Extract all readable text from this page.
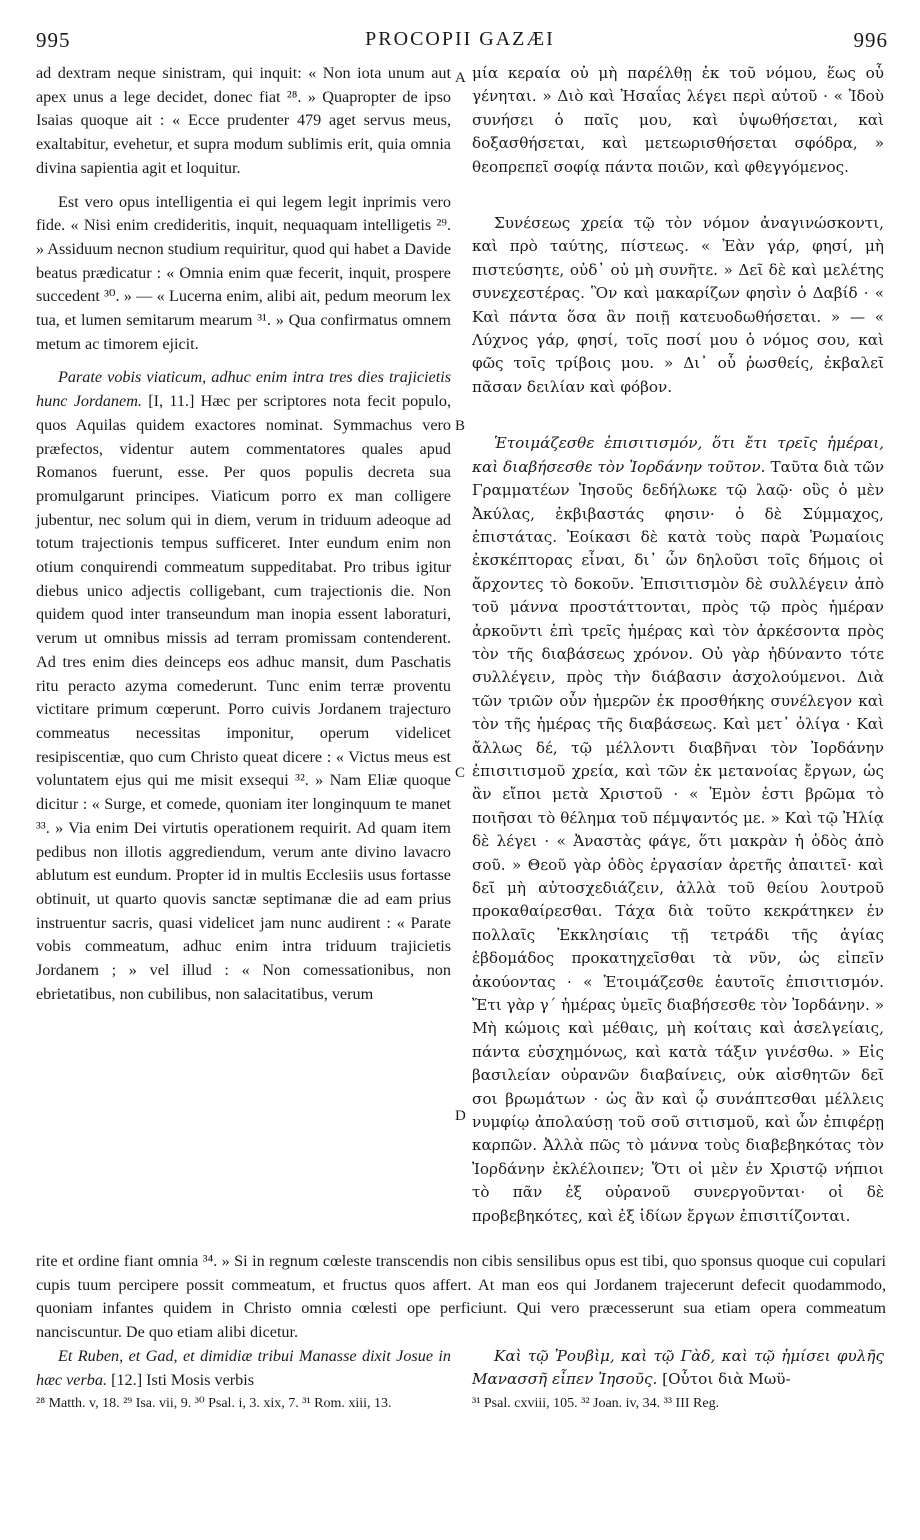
995	PROCOPII GAZÆI	996
A
B
C
D

ad dextram neque sinistram, qui inquit: « Non iota unum aut apex unus a lege decidet, donec fiat ²⁸. » Quapropter de ipso Isaias quoque ait : « Ecce prudenter 479 aget servus meus, exaltabitur, evehetur, et supra modum sublimis erit, quia omnia divina sapientia agit et loquitur.

Est vero opus intelligentia ei qui legem legit inprimis vero fide. « Nisi enim credideritis, inquit, nequaquam intelligetis ²⁹. » Assiduum necnon studium requiritur, quod qui habet a Davide beatus prædicatur : « Omnia enim quæ fecerit, inquit, prospere succedent ³⁰. » — « Lucerna enim, alibi ait, pedum meorum lex tua, et lumen semitarum mearum ³¹. » Qua confirmatus omnem metum ac timorem ejicit.

Parate vobis viaticum, adhuc enim intra tres dies trajicietis hunc Jordanem. [I, 11.] Hæc per scriptores nota fecit populo, quos Aquilas quidem exactores nominat. Symmachus vero præfectos, videntur autem commentatores quales apud Romanos fuerunt, esse. Per quos populis decreta sua promulgarunt principes. Viaticum porro ex man colligere jubentur, nec solum qui in diem, verum in triduum adeoque ad totum trajectionis tempus sufficeret. Inter eundum enim non otium conquirendi commeatum suppeditabat. Pro tribus igitur diebus unico adjectis colligebant, cum trajectionis die. Non quidem quod inter transeundum man inopia essent laboraturi, verum ut omnibus missis ad terram promissam contenderent. Ad tres enim dies deinceps eos adhuc mansit, dum Paschatis ritu peracto azyma comederunt. Tunc enim terræ proventu victitare primum cœperunt. Porro cuivis Jordanem trajecturo commeatus necessitas imponitur, operum videlicet resipiscentiæ, quo cum Christo queat dicere : « Victus meus est voluntatem ejus qui me misit exsequi ³². » Nam Eliæ quoque dicitur : « Surge, et comede, quoniam iter longinquum te manet ³³. » Via enim Dei virtutis operationem requirit. Ad quam item pedibus non illotis aggrediendum, verum ante divino lavacro ablutum est eundum. Propter id in multis Ecclesiis usus fortasse obtinuit, ut quarto quovis sanctæ septimanæ die ad eam prius instruentur sacris, quasi videlicet jam nunc audirent : « Parate vobis commeatum, adhuc enim intra triduum trajicietis Jordanem ; » vel illud : « Non comessationibus, non ebrietatibus, non cubilibus, non salacitatibus, verum

μία κεραία οὐ μὴ παρέλθῃ ἐκ τοῦ νόμου, ἕως οὗ γένηται. » Διὸ καὶ Ἠσαΐας λέγει περὶ αὐτοῦ · « Ἰδοὺ συνήσει ὁ παῖς μου, καὶ ὑψωθήσεται, καὶ δοξασθήσεται, καὶ μετεωρισθήσεται σφόδρα, » θεοπρεπεῖ σοφίᾳ πάντα ποιῶν, καὶ φθεγγόμενος.

Συνέσεως χρεία τῷ τὸν νόμον ἀναγινώσκοντι, καὶ πρὸ ταύτης, πίστεως. « Ἐὰν γάρ, φησί, μὴ πιστεύσητε, οὐδ᾽ οὐ μὴ συνῆτε. » Δεῖ δὲ καὶ μελέτης συνεχεστέρας. Ὃν καὶ μακαρίζων φησὶν ὁ Δαβίδ · « Καὶ πάντα ὅσα ἂν ποιῇ κατευοδωθήσεται. » — « Λύχνος γάρ, φησί, τοῖς ποσί μου ὁ νόμος σου, καὶ φῶς τοῖς τρίβοις μου. » Δι᾽ οὗ ῥωσθείς, ἐκβαλεῖ πᾶσαν δειλίαν καὶ φόβον.

Ἑτοιμάζεσθε ἐπισιτισμόν, ὅτι ἔτι τρεῖς ἡμέραι, καὶ διαβήσεσθε τὸν Ἰορδάνην τοῦτον. Ταῦτα διὰ τῶν Γραμματέων Ἰησοῦς δεδήλωκε τῷ λαῷ· οὓς ὁ μὲν Ἀκύλας, ἐκβιβαστάς φησιν· ὁ δὲ Σύμμαχος, ἐπιστάτας. Ἐοίκασι δὲ κατὰ τοὺς παρὰ Ῥωμαίοις ἐκσκέπτορας εἶναι, δι᾽ ὧν δηλοῦσι τοῖς δήμοις οἱ ἄρχοντες τὸ δοκοῦν. Ἐπισιτισμὸν δὲ συλλέγειν ἀπὸ τοῦ μάννα προστάττονται, πρὸς τῷ πρὸς ἡμέραν ἀρκοῦντι ἐπὶ τρεῖς ἡμέρας καὶ τὸν ἀρκέσοντα πρὸς τὸν τῆς διαβάσεως χρόνον. Οὐ γὰρ ἠδύναντο τότε συλλέγειν, πρὸς τὴν διάβασιν ἀσχολούμενοι. Διὰ τῶν τριῶν οὖν ἡμερῶν ἐκ προσθήκης συνέλεγον καὶ τὸν τῆς ἡμέρας τῆς διαβάσεως. Καὶ μετ᾽ ὀλίγα · Καὶ ἄλλως δέ, τῷ μέλλοντι διαβῆναι τὸν Ἰορδάνην ἐπισιτισμοῦ χρεία, καὶ τῶν ἐκ μετανοίας ἔργων, ὡς ἂν εἴποι μετὰ Χριστοῦ · « Ἐμὸν ἐστι βρῶμα τὸ ποιῆσαι τὸ θέλημα τοῦ πέμψαντός με. » Καὶ τῷ Ἠλίᾳ δὲ λέγει · « Ἀναστὰς φάγε, ὅτι μακρὰν ἡ ὁδὸς ἀπὸ σοῦ. » Θεοῦ γὰρ ὁδὸς ἐργασίαν ἀρετῆς ἀπαιτεῖ· καὶ δεῖ μὴ αὐτοσχεδιάζειν, ἀλλὰ τοῦ θείου λουτροῦ προκαθαίρεσθαι. Τάχα διὰ τοῦτο κεκράτηκεν ἐν πολλαῖς Ἐκκλησίαις τῇ τετράδι τῆς ἁγίας ἑβδομάδος προκατηχεῖσθαι τὰ νῦν, ὡς εἰπεῖν ἀκούοντας · « Ἑτοιμάζεσθε ἑαυτοῖς ἐπισιτισμόν. Ἔτι γὰρ γ´ ἡμέρας ὑμεῖς διαβήσεσθε τὸν Ἰορδάνην. » Μὴ κώμοις καὶ μέθαις, μὴ κοίταις καὶ ἀσελγείαις, πάντα εὐσχημόνως, καὶ κατὰ τάξιν γινέσθω. » Εἰς βασιλείαν οὐρανῶν διαβαίνεις, οὐκ αἰσθητῶν δεῖ σοι βρωμάτων · ὡς ἂν καὶ ᾧ συνάπτεσθαι μέλλεις νυμφίῳ ἀπολαύσῃ τοῦ σοῦ σιτισμοῦ, καὶ ὧν ἐπιφέρῃ καρπῶν. Ἀλλὰ πῶς τὸ μάννα τοὺς διαβεβηκότας τὸν Ἰορδάνην ἐκλέλοιπεν; Ὅτι οἱ μὲν ἐν Χριστῷ νήπιοι τὸ πᾶν ἐξ οὐρανοῦ συνεργοῦνται· οἱ δὲ προβεβηκότες, καὶ ἐξ ἰδίων ἔργων ἐπισιτίζονται.

rite et ordine fiant omnia ³⁴. » Si in regnum cœleste transcendis non cibis sensilibus opus est tibi, quo sponsus quoque cui copulari cupis tuum percipere possit commeatum, et fructus quos affert. At man eos qui Jordanem trajecerunt defecit quodammodo, quoniam infantes quidem in Christo omnia cœlesti ope perficiunt. Qui vero præcesserunt sua etiam opera commeatum nanciscuntur. De quo etiam alibi dicetur.

Et Ruben, et Gad, et dimidiæ tribui Manasse dixit Josue in hæc verba. [12.] Isti Mosis verbis

Καὶ τῷ Ῥουβὶμ, καὶ τῷ Γὰδ, καὶ τῷ ἡμίσει φυλῆς Μανασσῆ εἶπεν Ἰησοῦς. [Οὗτοι διὰ Μωϋ-

²⁸ Matth. v, 18. ²⁹ Isa. vii, 9. ³⁰ Psal. i, 3. xix, 7. ³¹ Rom. xiii, 13.	³¹ Psal. cxviii, 105. ³² Joan. iv, 34. ³³ III Reg.
